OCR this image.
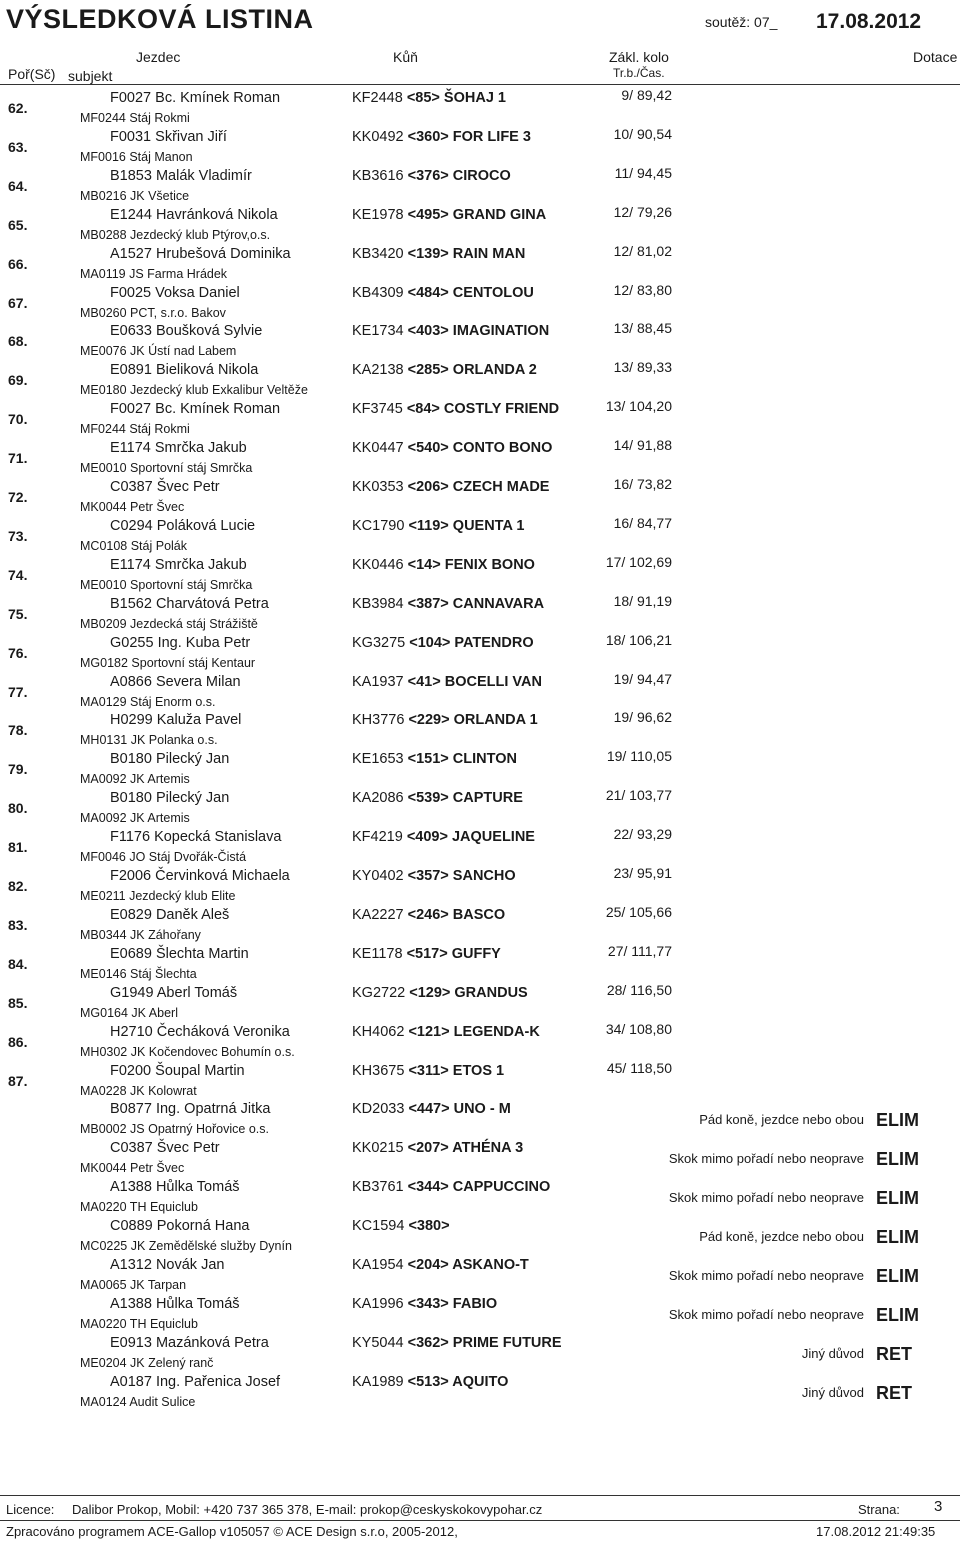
VÝSLEDKOVÁ LISTINA	soutěž: 07_ 17.08.2012
Poř(Sč) subjekt
Jezdec	Kůň	Zákl. kolo
Tr.b./Čas.
Dotace
62.
F0027 Bc. Kmínek Roman	KF2448 <85> ŠOHAJ 1
MF0244 Stáj Rokmi
9/ 89,42
63.
F0031 Skřivan Jiří	KK0492 <360> FOR LIFE 3
MF0016 Stáj Manon
10/ 90,54
64.
B1853 Malák Vladimír	KB3616 <376> CIROCO
MB0216 JK Všetice
11/ 94,45
65.
E1244 Havránková Nikola	KE1978 <495> GRAND GINA
MB0288 Jezdecký klub Ptýrov,o.s.
12/ 79,26
66.
A1527 Hrubešová Dominika	KB3420 <139> RAIN MAN
MA0119 JS Farma Hrádek
12/ 81,02
67.
F0025 Voksa Daniel	KB4309 <484> CENTOLOU
MB0260 PCT, s.r.o. Bakov
12/ 83,80
68.
E0633 Boušková Sylvie	KE1734 <403> IMAGINATION
ME0076 JK Ústí nad Labem
13/ 88,45
69.
E0891 Bieliková Nikola	KA2138 <285> ORLANDA 2
ME0180 Jezdecký klub Exkalibur Veltěže
13/ 89,33
70.
F0027 Bc. Kmínek Roman	KF3745 <84> COSTLY FRIEND
MF0244 Stáj Rokmi
13/ 104,20
71.
E1174 Smrčka Jakub	KK0447 <540> CONTO BONO
ME0010 Sportovní stáj Smrčka
14/ 91,88
72.
C0387 Švec Petr	KK0353 <206> CZECH MADE
MK0044 Petr Švec
16/ 73,82
73.
C0294 Poláková Lucie	KC1790 <119> QUENTA 1
MC0108 Stáj Polák
16/ 84,77
74.
E1174 Smrčka Jakub	KK0446 <14> FENIX BONO
ME0010 Sportovní stáj Smrčka
17/ 102,69
75.
B1562 Charvátová Petra	KB3984 <387> CANNAVARA
MB0209 Jezdecká stáj Strážiště
18/ 91,19
76.
G0255 Ing. Kuba Petr	KG3275 <104> PATENDRO
MG0182 Sportovní stáj Kentaur
18/ 106,21
77.
A0866 Severa Milan	KA1937 <41> BOCELLI VAN
MA0129 Stáj Enorm o.s.
19/ 94,47
78.
H0299 Kaluža Pavel	KH3776 <229> ORLANDA 1
MH0131 JK Polanka o.s.
19/ 96,62
79.
B0180 Pilecký Jan	KE1653 <151> CLINTON
MA0092 JK Artemis
19/ 110,05
80.
B0180 Pilecký Jan	KA2086 <539> CAPTURE
MA0092 JK Artemis
21/ 103,77
81.
F1176 Kopecká Stanislava	KF4219 <409> JAQUELINE
MF0046 JO Stáj Dvořák-Čistá
22/ 93,29
82.
F2006 Červinková Michaela	KY0402 <357> SANCHO
ME0211 Jezdecký klub Elite
23/ 95,91
83.
E0829 Daněk Aleš	KA2227 <246> BASCO
MB0344 JK Záhořany
25/ 105,66
84.
E0689 Šlechta Martin	KE1178 <517> GUFFY
ME0146 Stáj Šlechta
27/ 111,77
85.
G1949 Aberl Tomáš	KG2722 <129> GRANDUS
MG0164 JK Aberl
28/ 116,50
86.
H2710 Čecháková Veronika	KH4062 <121> LEGENDA-K
MH0302 JK Kočendovec Bohumín o.s.
34/ 108,80
87.
F0200 Šoupal Martin	KH3675 <311> ETOS 1
MA0228 JK Kolowrat
45/ 118,50
B0877 Ing. Opatrná Jitka	KD2033 <447> UNO - M
MB0002 JS Opatrný Hořovice o.s.
Pád koně, jezdce nebo obou ELIM
C0387 Švec Petr	KK0215 <207> ATHÉNA 3
MK0044 Petr Švec
Skok mimo pořadí nebo neoprave ELIM
A1388 Hůlka Tomáš	KB3761 <344> CAPPUCCINO
MA0220 TH Equiclub
Skok mimo pořadí nebo neoprave ELIM
C0889 Pokorná Hana	KC1594 <380>
MC0225 JK Zemědělské služby Dynín
Pád koně, jezdce nebo obou ELIM
A1312 Novák Jan	KA1954 <204> ASKANO-T
MA0065 JK Tarpan
Skok mimo pořadí nebo neoprave ELIM
A1388 Hůlka Tomáš	KA1996 <343> FABIO
MA0220 TH Equiclub
Skok mimo pořadí nebo neoprave ELIM
E0913 Mazánková Petra	KY5044 <362> PRIME FUTURE
ME0204 JK Zelený ranč
Jiný důvod RET
A0187 Ing. Pařenica Josef	KA1989 <513> AQUITO
MA0124 Audit Sulice
Jiný důvod RET
Licence: Dalibor Prokop, Mobil: +420 737 365 378, E-mail: prokop@ceskyskokovypohar.cz	Strana: 3
Zpracováno programem ACE-Gallop v105057 © ACE Design s.r.o, 2005-2012,	17.08.2012 21:49:35
